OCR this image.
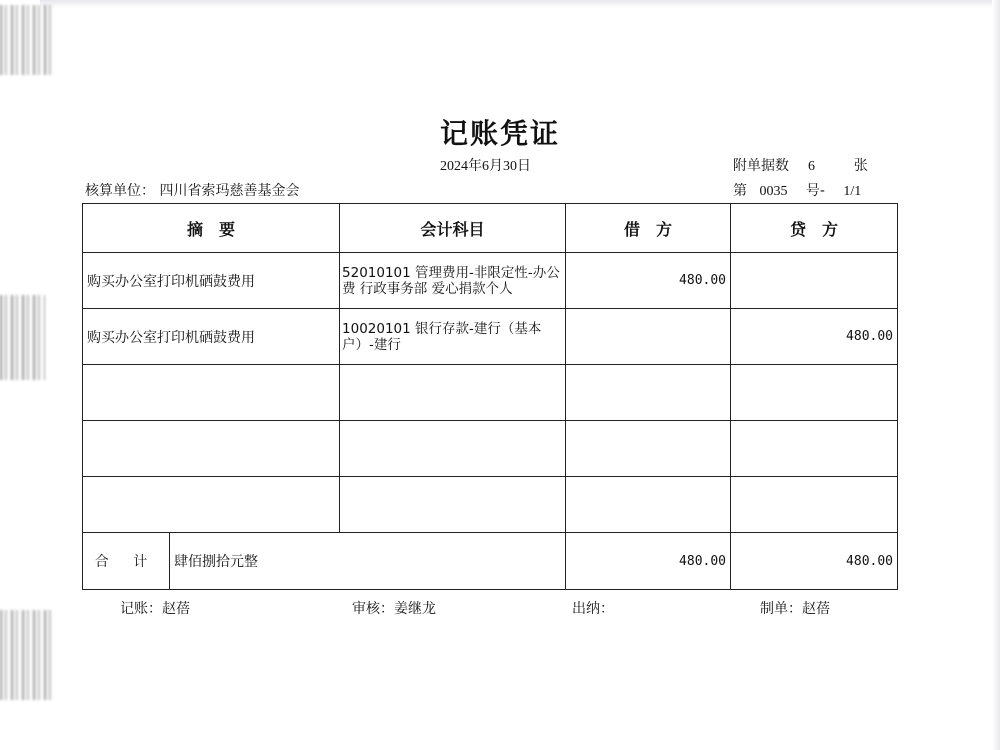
记账凭证
2024年6月30日	附单据数 6	张
核算单位： 四川省索玛慈善基金会	第 0035 号- 1/1
摘　要		会计科目	借　方	贷　方
购买办公室打印机硒鼓费用		52010101 管理费用-非限定性-办公费 行政事务部 爱心捐款个人	480.00	
购买办公室打印机硒鼓费用		10020101 银行存款-建行（基本户）-建行		480.00

合 计	肆佰捌拾元整		480.00	480.00
记账：赵蓓	审核：姜继龙	出纳：	制单：赵蓓
